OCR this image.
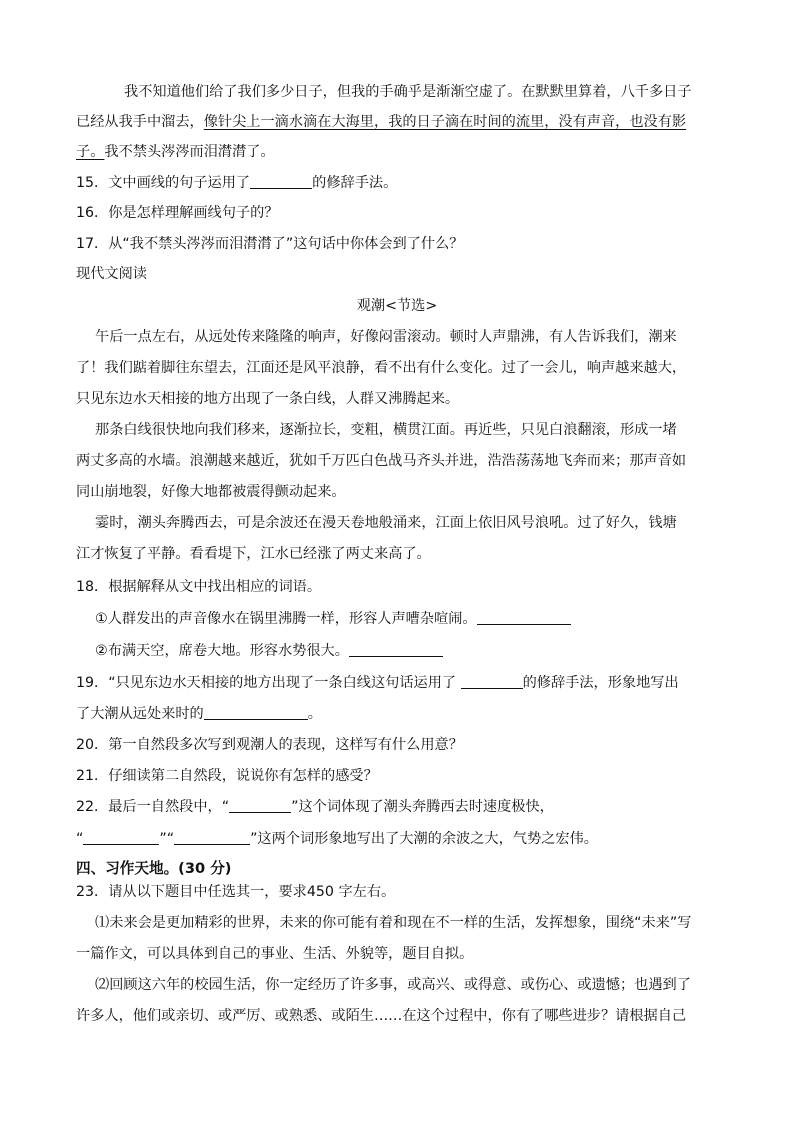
我不知道他们给了我们多少日子，但我的手确乎是渐渐空虚了。在默默里算着，八千多日子
已经从我手中溜去，像针尖上一滴水滴在大海里，我的日子滴在时间的流里，没有声音，也没有影
子。我不禁头涔涔而泪潸潸了。
15．文中画线的句子运用了	的修辞手法。
16．你是怎样理解画线句子的？
17．从“我不禁头涔涔而泪潸潸了”这句话中你体会到了什么？
现代文阅读
观潮<节选>
午后一点左右，从远处传来隆隆的响声，好像闷雷滚动。顿时人声鼎沸，有人告诉我们，潮来
了！我们踮着脚往东望去，江面还是风平浪静，看不出有什么变化。过了一会儿，响声越来越大，
只见东边水天相接的地方出现了一条白线，人群又沸腾起来。
那条白线很快地向我们移来，逐渐拉长，变粗，横贯江面。再近些，只见白浪翻滚，形成一堵
两丈多高的水墙。浪潮越来越近，犹如千万匹白色战马齐头并进，浩浩荡荡地飞奔而来；那声音如
同山崩地裂，好像大地都被震得颤动起来。
霎时，潮头奔腾西去，可是余波还在漫天卷地般涌来，江面上依旧风号浪吼。过了好久，钱塘
江才恢复了平静。看看堤下，江水已经涨了两丈来高了。
18．根据解释从文中找出相应的词语。
①人群发出的声音像水在锅里沸腾一样，形容人声嘈杂喧闹。
②布满天空，席卷大地。形容水势很大。
19．“只见东边水天相接的地方出现了一条白线这句话运用了	的修辞手法，形象地写出
了大潮从远处来时的	。
20．第一自然段多次写到观潮人的表现，这样写有什么用意？
21．仔细读第二自然段，说说你有怎样的感受？
22．最后一自然段中，“	”这个词体现了潮头奔腾西去时速度极快，
“	”“	”这两个词形象地写出了大潮的余波之大，气势之宏伟。
四、习作天地。(30 分)
23．请从以下题目中任选其一，要求450 字左右。
⑴未来会是更加精彩的世界，未来的你可能有着和现在不一样的生活，发挥想象，围绕“未来”写
一篇作文，可以具体到自己的事业、生活、外貌等，题目自拟。
⑵回顾这六年的校园生活，你一定经历了许多事，或高兴、或得意、或伤心、或遗憾；也遇到了
许多人，他们或亲切、或严厉、或熟悉、或陌生……在这个过程中，你有了哪些进步？请根据自己
